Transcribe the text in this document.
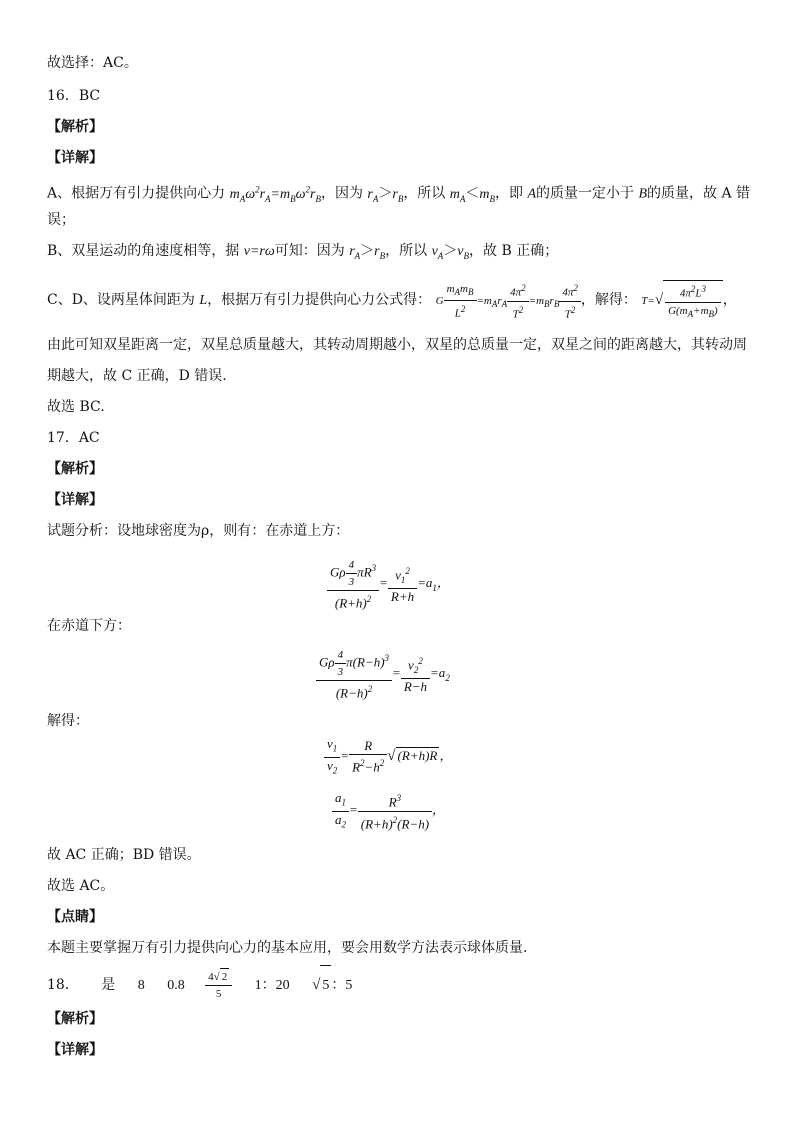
故选择：AC。
16．BC
【解析】
【详解】
A、根据万有引力提供向心力 $m_A\omega^2r_A=m_B\omega^2r_B$，因为 $r_A>r_B$，所以 $m_A<m_B$，即 A的质量一定小于 B的质量，故 A 错
误；
B、双星运动的角速度相等，据 v=rω可知：因为 $r_A>r_B$，所以 $v_A>v_B$，故 B 正确；
C、D、设两星体间距为 L，根据万有引力提供向心力公式得： G $\frac{m_Am_B}{L^2} =m_Ar_A \frac{4\pi^2}{T^2} =m_Br_B \frac{4\pi^2}{T^2}$ ，解得： $T=√ \frac{4\pi^2L^3}{G(m_A+m_B)}$ ，
由此可知双星距离一定，双星总质量越大，其转动周期越小，双星的总质量一定，双星之间的距离越大，其转动周
期越大，故 C 正确，D 错误.
故选 BC.
17．AC
【解析】
【详解】
试题分析：设地球密度为ρ，则有：在赤道上方：
$\frac{G\rho \frac{4}{3} \pi R^3}{(R+h)^2} = \frac{v_1^2}{R+h} =a_1$，
在赤道下方：
$\frac{G\rho \frac{4}{3} \pi(R-h)^3}{(R-h)^2} = \frac{v_2^2}{R-h} =a_2$
解得：
$\frac{v_1}{v_2} = \frac{R}{R^2-h^2}$ √ (R+h)R ，
$\frac{a_1}{a_2} = \frac{R^3}{(R+h)^2(R-h)}$ ，
故 AC 正确；BD 错误。
故选 AC。
【点睛】
本题主要掌握万有引力提供向心力的基本应用，要会用数学方法表示球体质量.
18． 是 8 $0.8 \frac{4√ 2}{5} 1$：20 √ 5 ：5
【解析】
【详解】
